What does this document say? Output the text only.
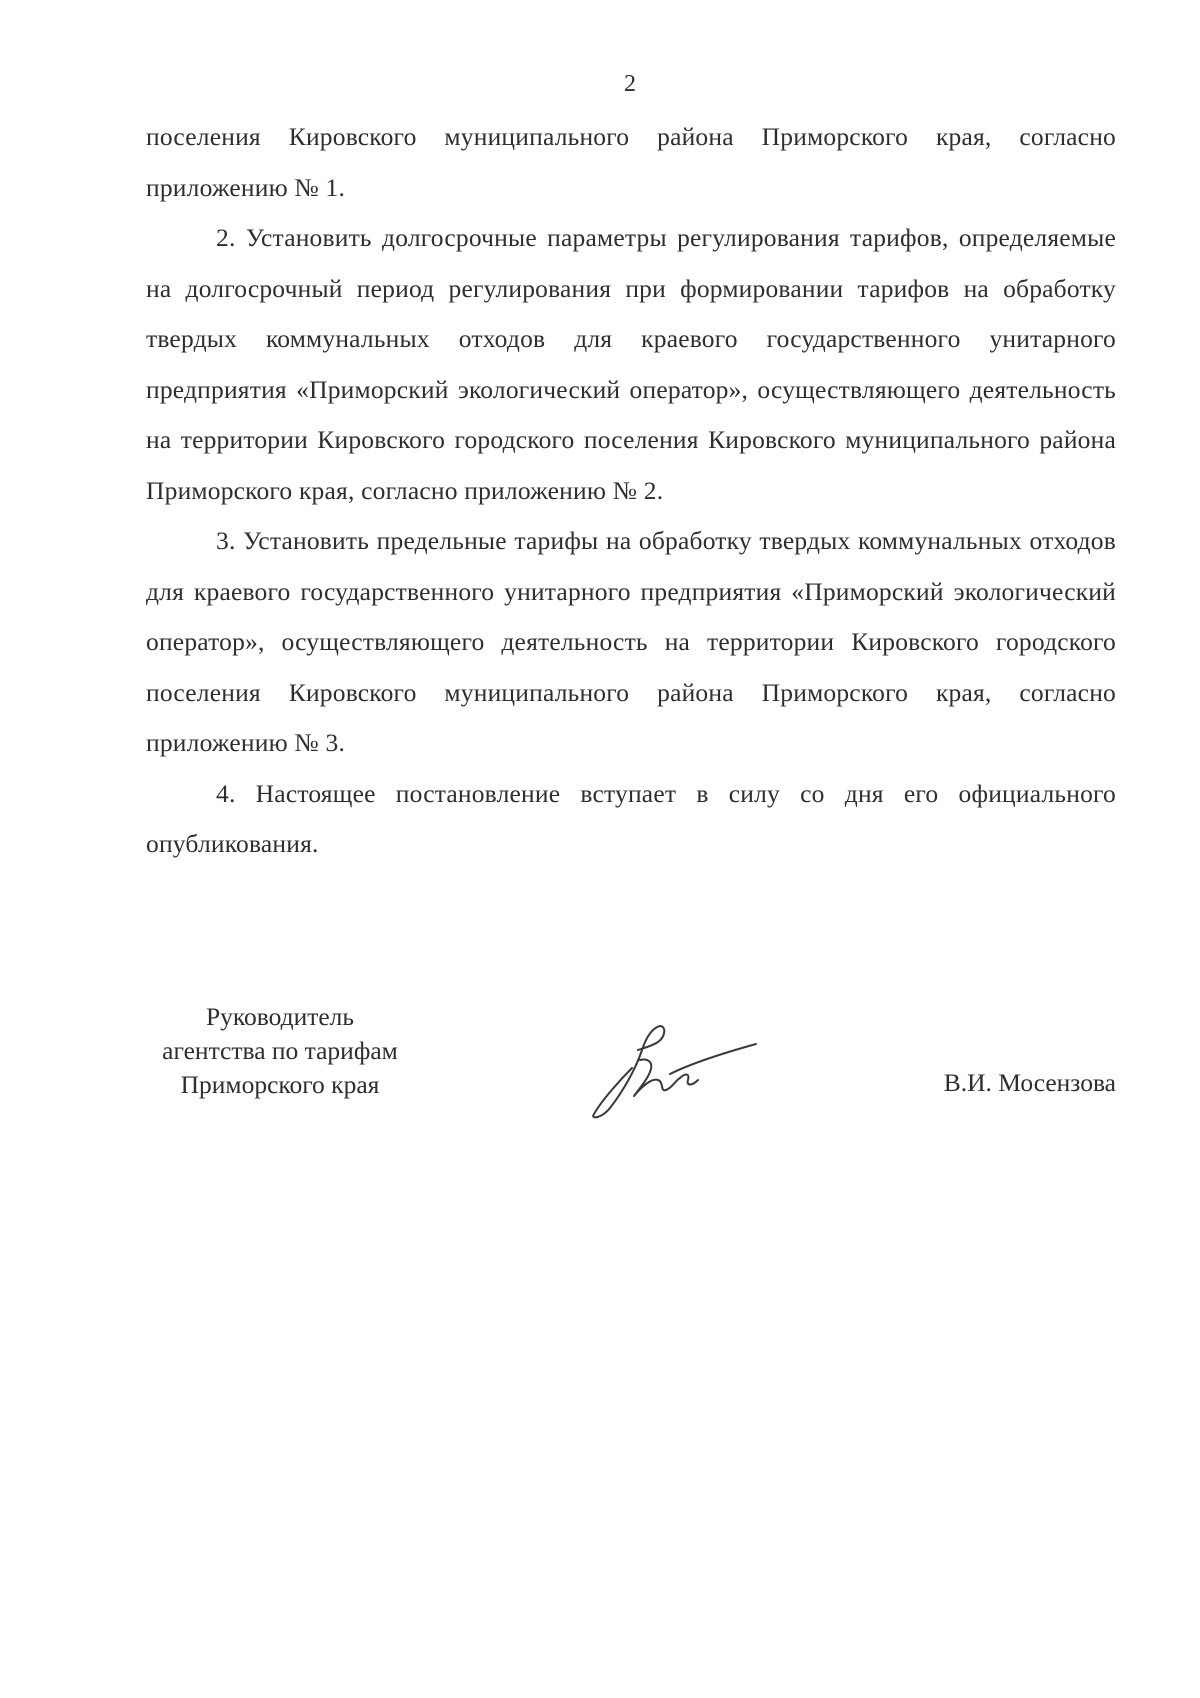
2

поселения Кировского муниципального района Приморского края, согласно приложению № 1.

2. Установить долгосрочные параметры регулирования тарифов, определяемые на долгосрочный период регулирования при формировании тарифов на обработку твердых коммунальных отходов для краевого государственного унитарного предприятия «Приморский экологический оператор», осуществляющего деятельность на территории Кировского городского поселения Кировского муниципального района Приморского края, согласно приложению № 2.

3. Установить предельные тарифы на обработку твердых коммунальных отходов для краевого государственного унитарного предприятия «Приморский экологический оператор», осуществляющего деятельность на территории Кировского городского поселения Кировского муниципального района Приморского края, согласно приложению № 3.

4. Настоящее постановление вступает в силу со дня его официального опубликования.

Руководитель
агентства по тарифам
Приморского края	В.И. Мосензова
